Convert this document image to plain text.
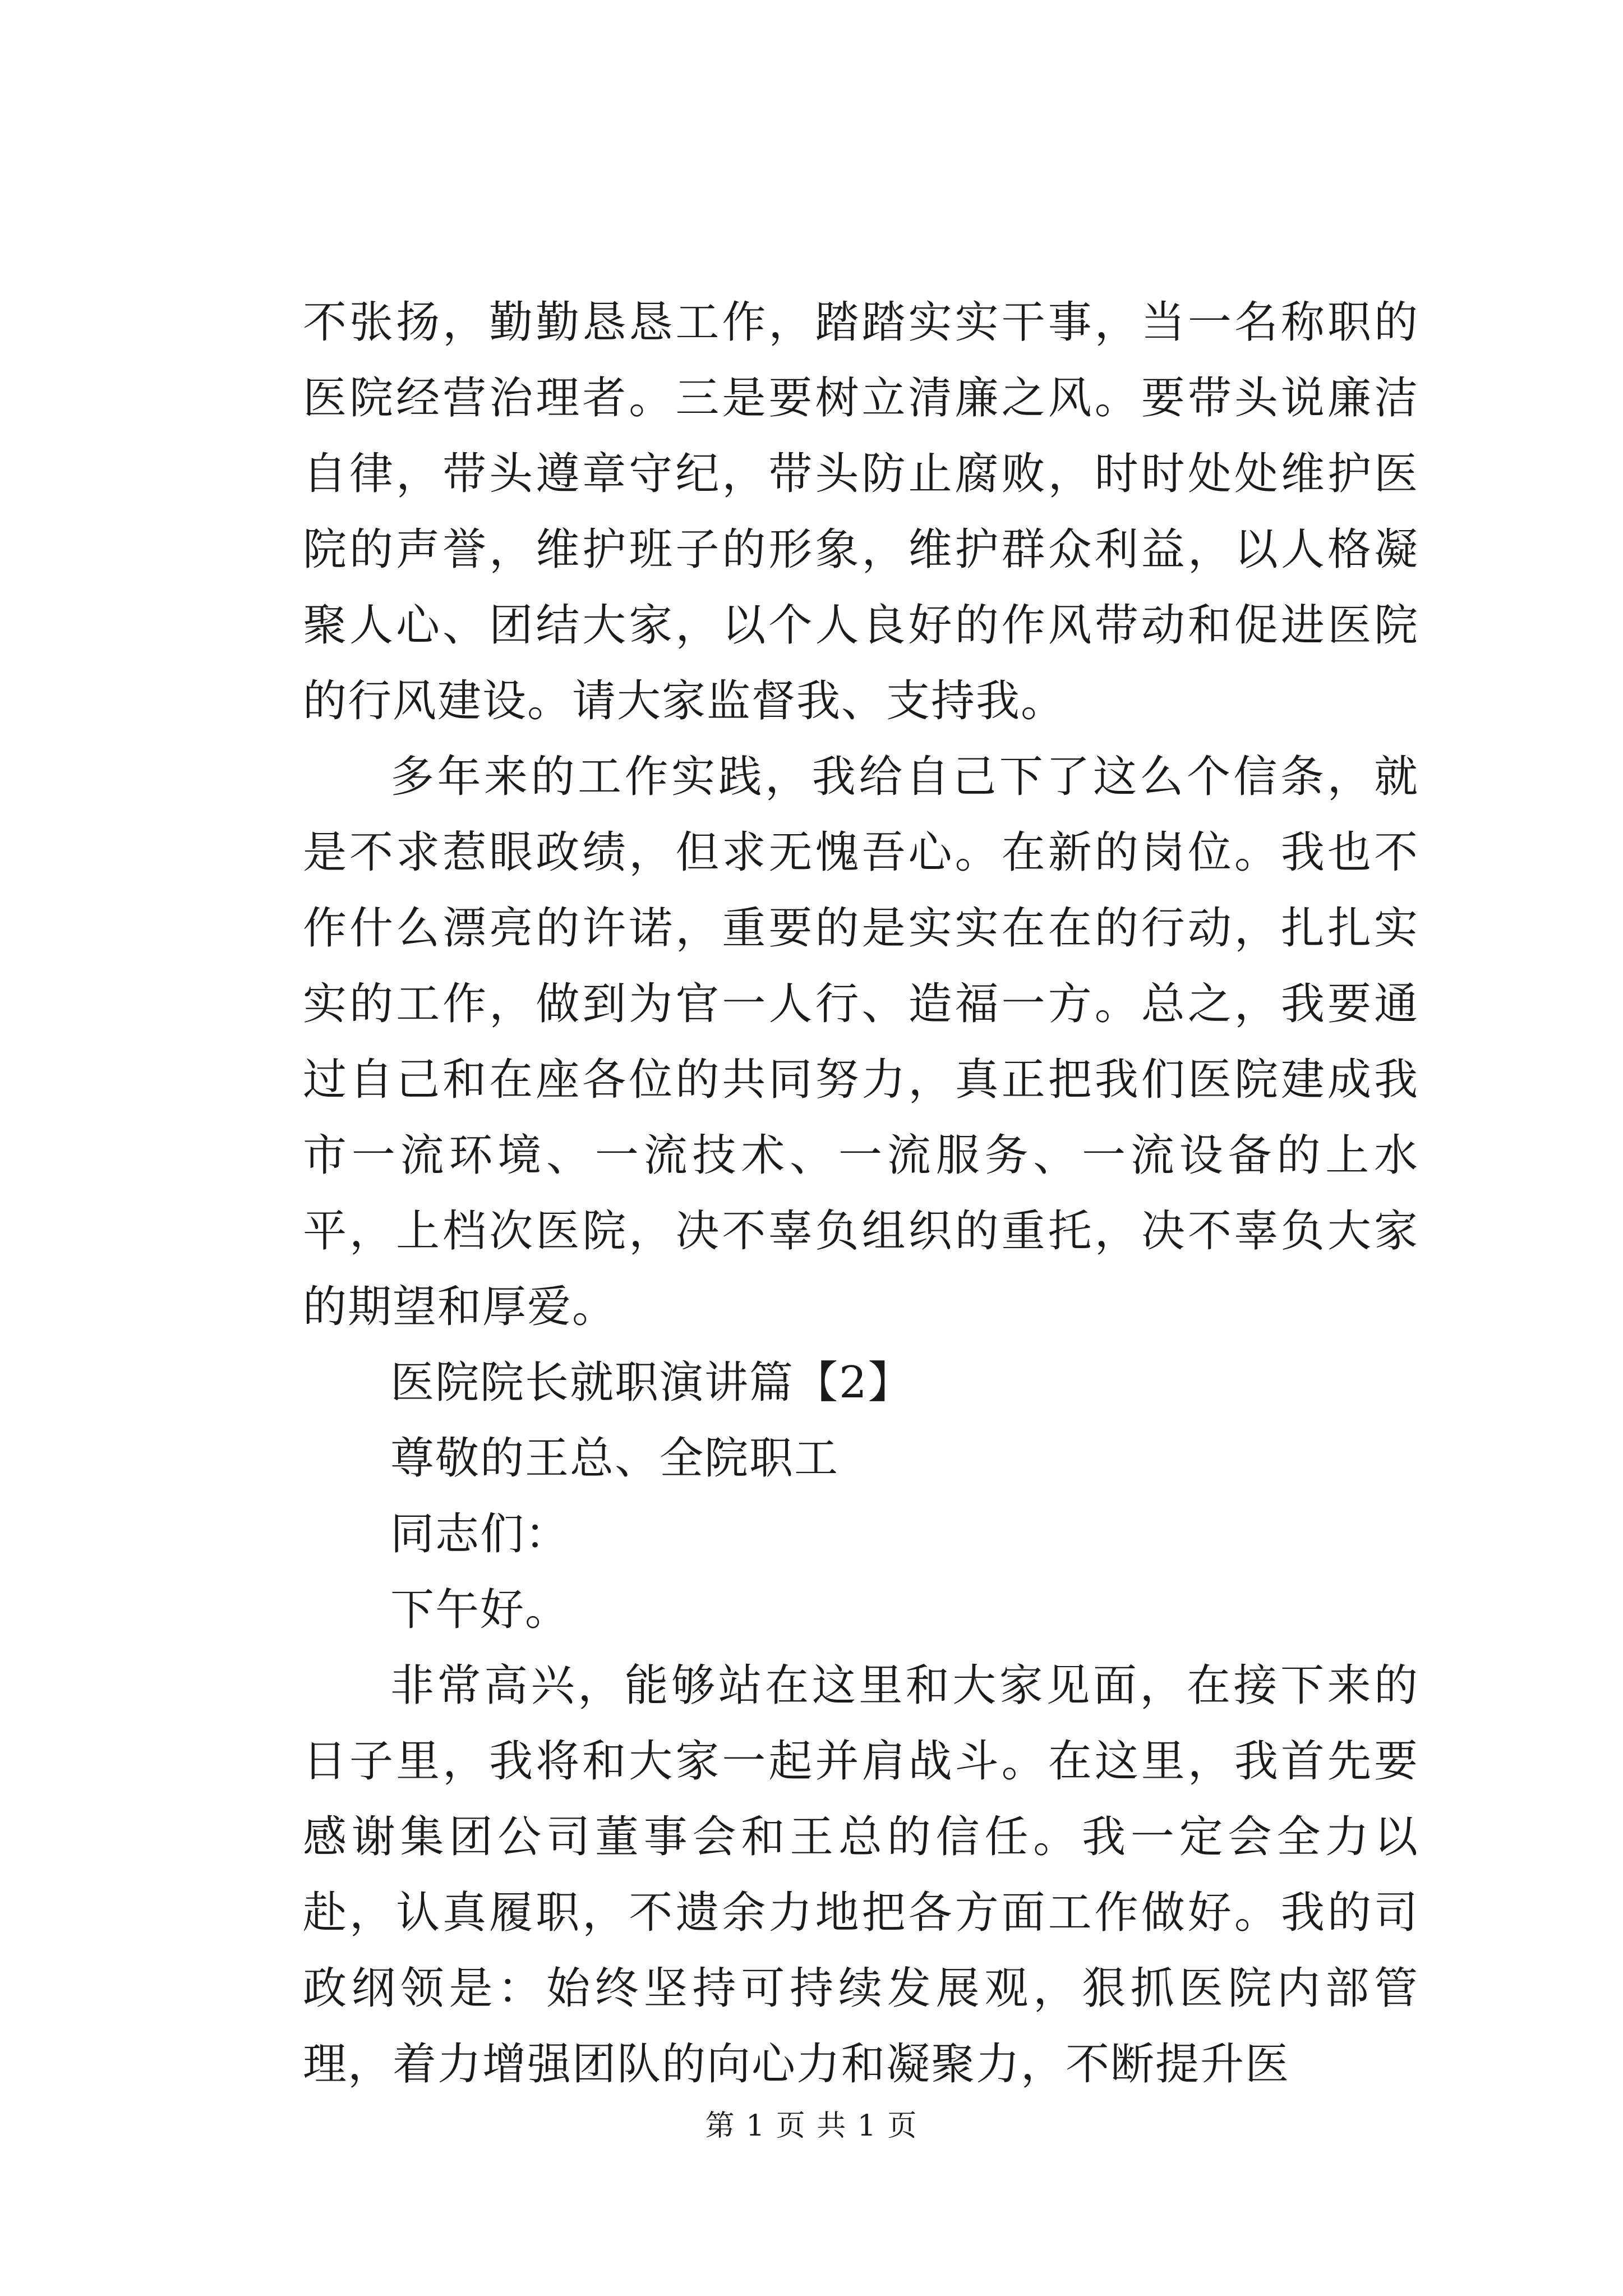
不张扬，勤勤恳恳工作，踏踏实实干事，当一名称职的医院经营治理者。三是要树立清廉之风。要带头说廉洁自律，带头遵章守纪，带头防止腐败，时时处处维护医院的声誉，维护班子的形象，维护群众利益，以人格凝聚人心、团结大家，以个人良好的作风带动和促进医院的行风建设。请大家监督我、支持我。

多年来的工作实践，我给自己下了这么个信条，就是不求惹眼政绩，但求无愧吾心。在新的岗位。我也不作什么漂亮的许诺，重要的是实实在在的行动，扎扎实实的工作，做到为官一人行、造福一方。总之，我要通过自己和在座各位的共同努力，真正把我们医院建成我市一流环境、一流技术、一流服务、一流设备的上水平，上档次医院，决不辜负组织的重托，决不辜负大家的期望和厚爱。

医院院长就职演讲篇【2】

尊敬的王总、全院职工

同志们：

下午好。

非常高兴，能够站在这里和大家见面，在接下来的日子里，我将和大家一起并肩战斗。在这里，我首先要感谢集团公司董事会和王总的信任。我一定会全力以赴，认真履职，不遗余力地把各方面工作做好。我的司政纲领是：始终坚持可持续发展观，狠抓医院内部管理，着力增强团队的向心力和凝聚力，不断提升医

第 1 页 共 1 页
